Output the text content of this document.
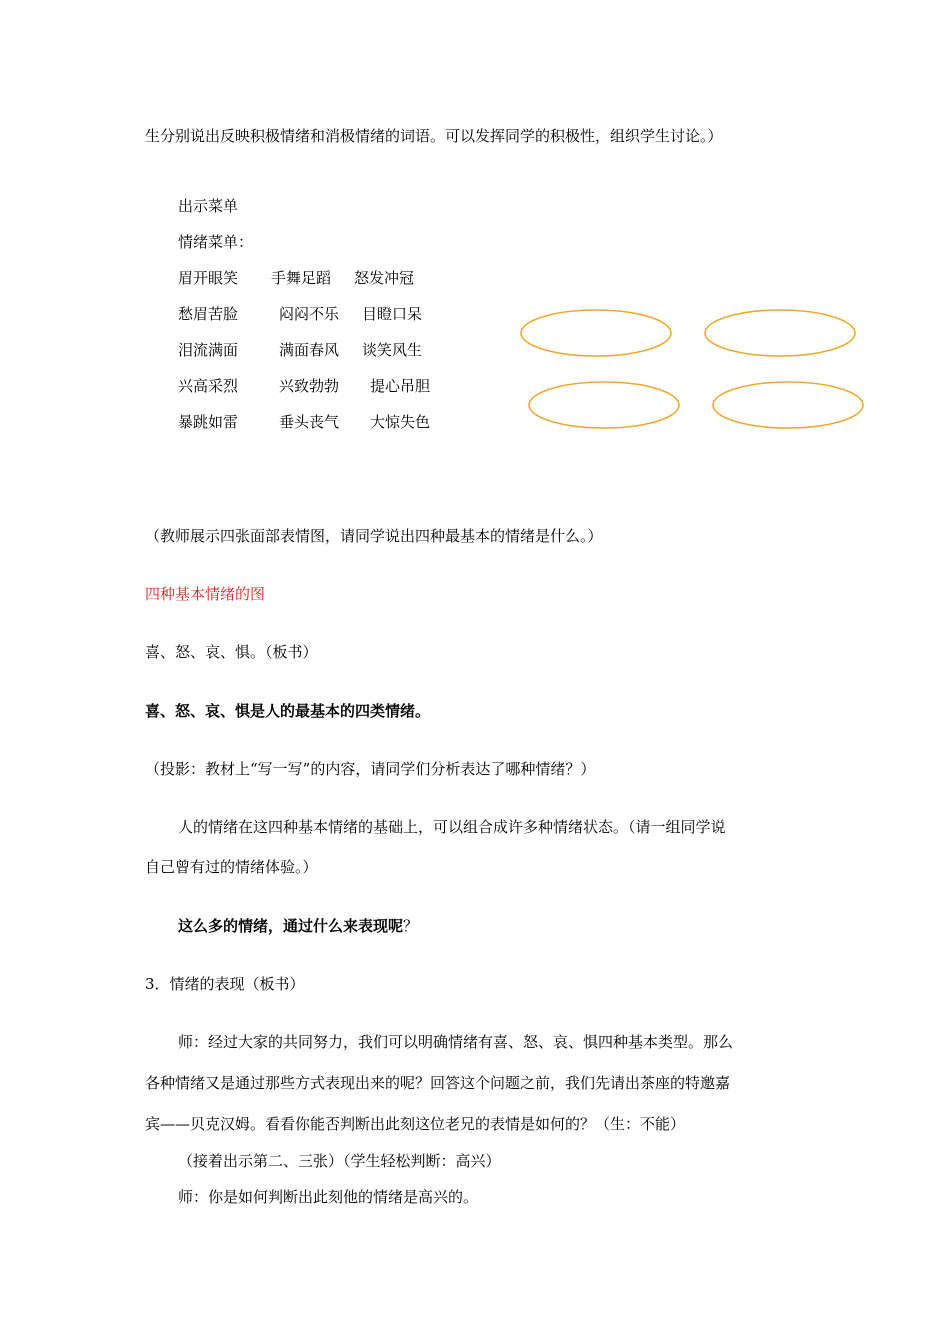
生分别说出反映积极情绪和消极情绪的词语。可以发挥同学的积极性，组织学生讨论。）
出示菜单
情绪菜单：
眉开眼笑 手舞足蹈 怒发冲冠
愁眉苦脸	闷闷不乐 目瞪口呆
泪流满面	满面春风 谈笑风生
兴高采烈	兴致勃勃 提心吊胆
暴跳如雷	垂头丧气 大惊失色
（教师展示四张面部表情图，请同学说出四种最基本的情绪是什么。）
四种基本情绪的图
喜、怒、哀、惧。（板书）
喜、怒、哀、惧是人的最基本的四类情绪。
（投影：教材上“写一写”的内容，请同学们分析表达了哪种情绪？）
人的情绪在这四种基本情绪的基础上，可以组合成许多种情绪状态。（请一组同学说
自己曾有过的情绪体验。）
这么多的情绪，通过什么来表现呢？
3．情绪的表现（板书）
师：经过大家的共同努力，我们可以明确情绪有喜、怒、哀、惧四种基本类型。那么
各种情绪又是通过那些方式表现出来的呢？回答这个问题之前，我们先请出茶座的特邀嘉
宾——贝克汉姆。看看你能否判断出此刻这位老兄的表情是如何的？（生：不能）
（接着出示第二、三张）（学生轻松判断：高兴）
师：你是如何判断出此刻他的情绪是高兴的。
